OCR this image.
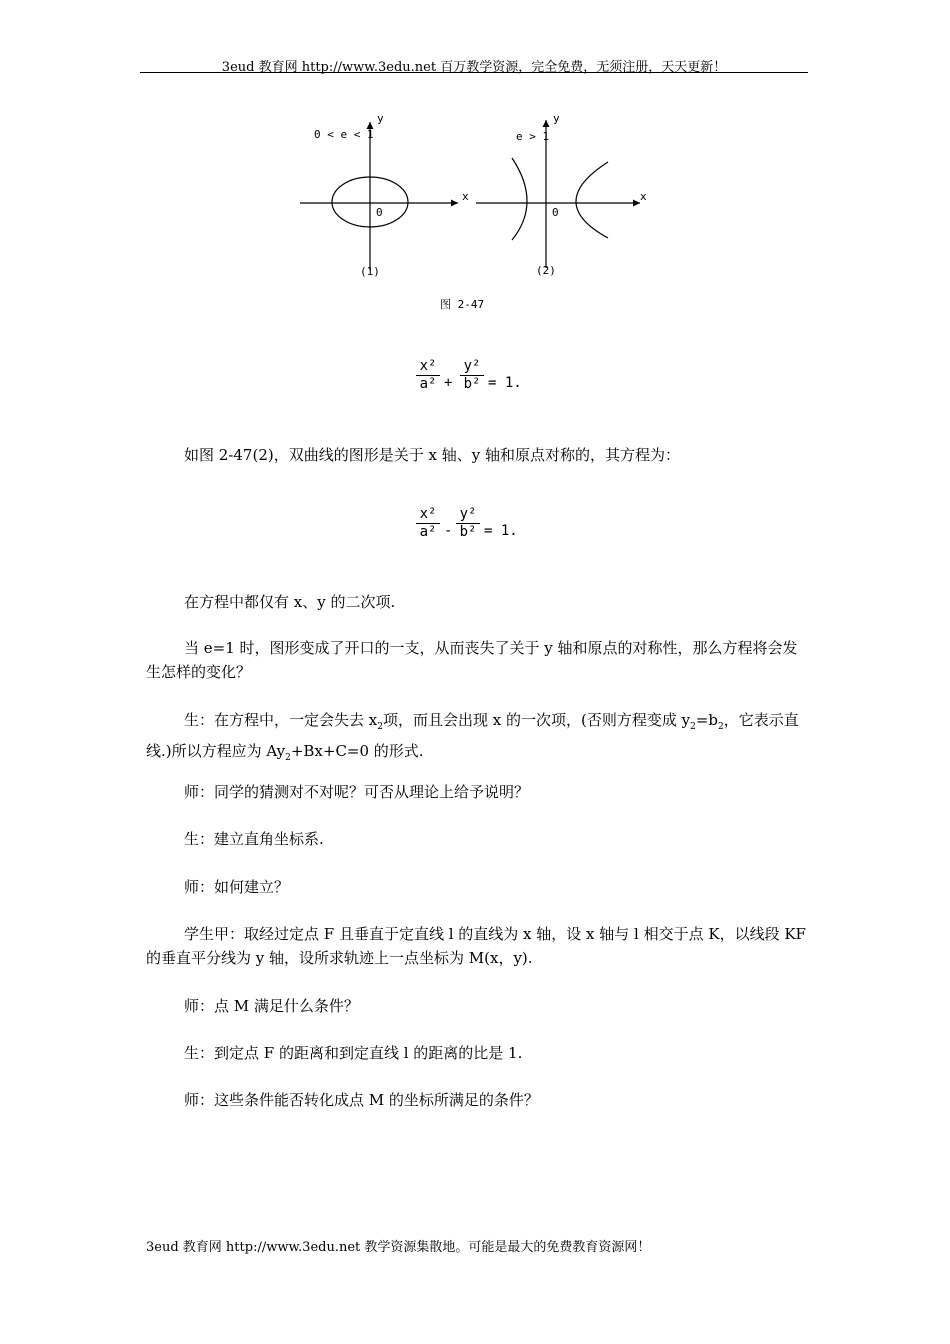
3eud 教育网 http://www.3edu.net 百万教学资源，完全免费，无须注册，天天更新！
0 < e < 1
y
x
0
(1)
e > 1
y
x
0
(2)
图 2-47
$\frac{\text{x²}}{\text{a²}} + \frac{\text{y²}}{\text{b²}} = 1$.
如图 2-47(2)，双曲线的图形是关于 x 轴、y 轴和原点对称的，其方程为：
$\frac{\text{x²}}{\text{a²}} - \frac{\text{y²}}{\text{b²}} = 1$.
在方程中都仅有 x、y 的二次项.
当 e=1 时，图形变成了开口的一支，从而丧失了关于 y 轴和原点的对称性，那么方程将会发生怎样的变化？
生：在方程中，一定会失去 $x_2$项，而且会出现 x 的一次项，(否则方程变成 $y_2=b_2$，它表示直线.)所以方程应为 $Ay_2+Bx+C=0$ 的形式.
师：同学的猜测对不对呢？可否从理论上给予说明？
生：建立直角坐标系.
师：如何建立？
学生甲：取经过定点 F 且垂直于定直线 l 的直线为 x 轴，设 x 轴与 l 相交于点 K，以线段 KF 的垂直平分线为 y 轴，设所求轨迹上一点坐标为 M(x，y).
师：点 M 满足什么条件？
生：到定点 F 的距离和到定直线 l 的距离的比是 1.
师：这些条件能否转化成点 M 的坐标所满足的条件？
3eud 教育网 http://www.3edu.net 教学资源集散地。可能是最大的免费教育资源网！
